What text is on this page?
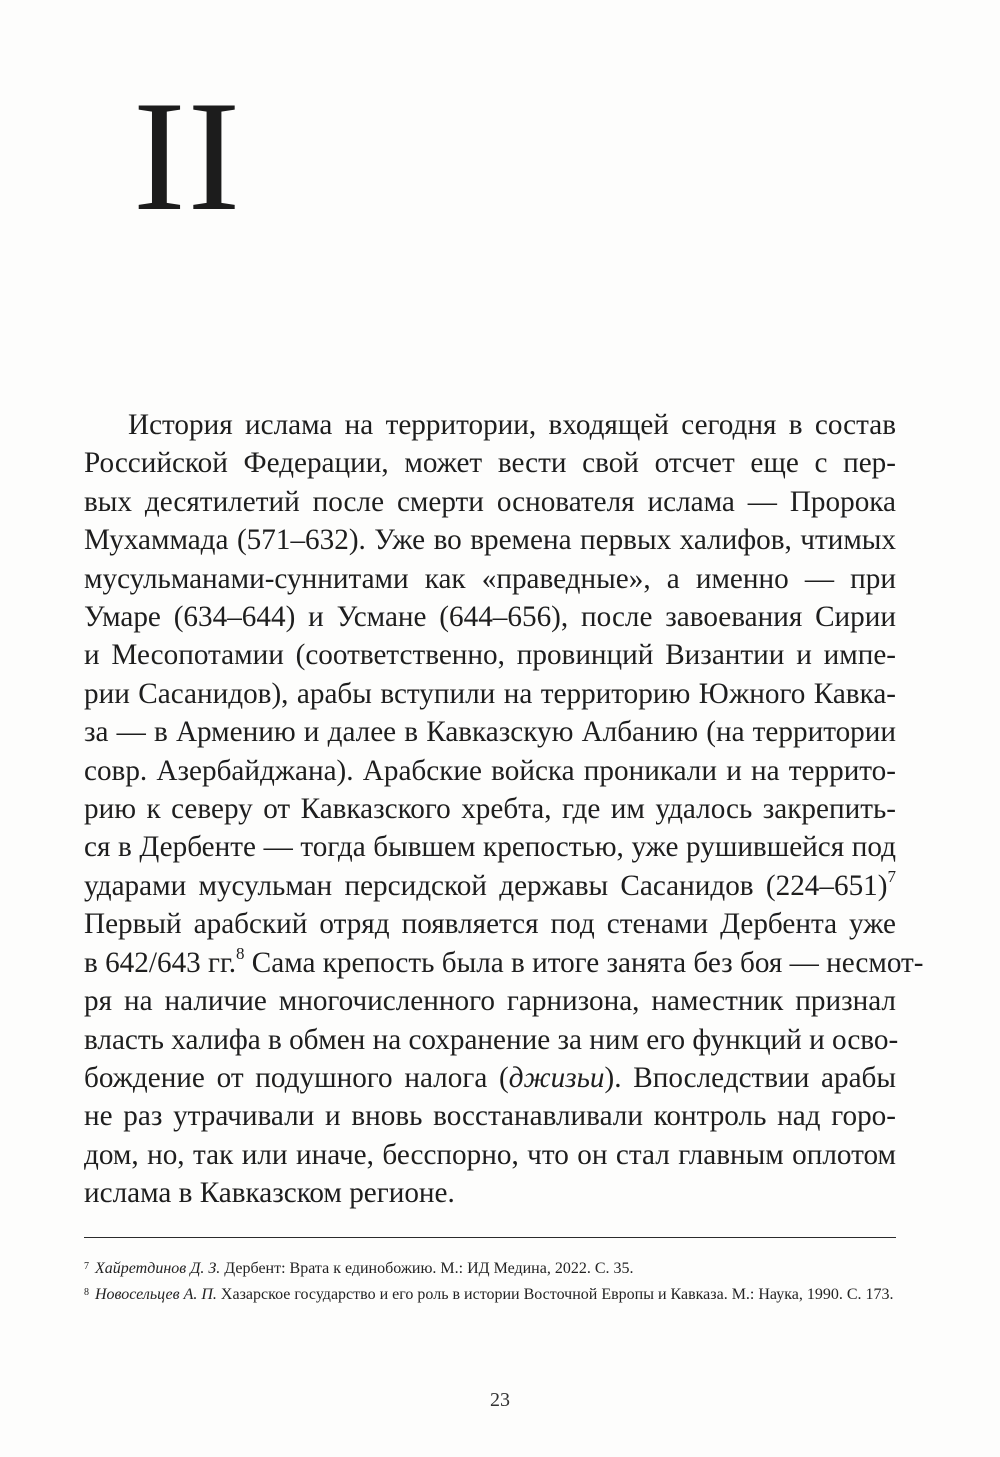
II
История ислама на территории, входящей сегодня в состав
Российской Федерации, может вести свой отсчет еще с пер-
вых десятилетий после смерти основателя ислама — Пророка
Мухаммада (571–632). Уже во времена первых халифов, чтимых
мусульманами-суннитами как «праведные», а именно — при
Умаре (634–644) и Усмане (644–656), после завоевания Сирии
и Месопотамии (соответственно, провинций Византии и импе-
рии Сасанидов), арабы вступили на территорию Южного Кавка-
за — в Армению и далее в Кавказскую Албанию (на территории
совр. Азербайджана). Арабские войска проникали и на террито-
рию к северу от Кавказского хребта, где им удалось закрепить-
ся в Дербенте — тогда бывшем крепостью, уже рушившейся под
ударами мусульман персидской державы Сасанидов $(224-651)^7$
Первый арабский отряд появляется под стенами Дербента уже
в 642/643 гг.$^8$ Сама крепость была в итоге занята без боя — несмот-
ря на наличие многочисленного гарнизона, наместник признал
власть халифа в обмен на сохранение за ним его функций и осво-
бождение от подушного налога (джизьи). Впоследствии арабы
не раз утрачивали и вновь восстанавливали контроль над горо-
дом, но, так или иначе, бесспорно, что он стал главным оплотом
ислама в Кавказском регионе.

$^7$ Хайретдинов Д. З. Дербент: Врата к единобожию. М.: ИД Медина, 2022. С. 35.

$^8$ Новосельцев А. П. Хазарское государство и его роль в истории Восточной Европы и Кавказа. М.: Наука, 1990. С. 173.

23
